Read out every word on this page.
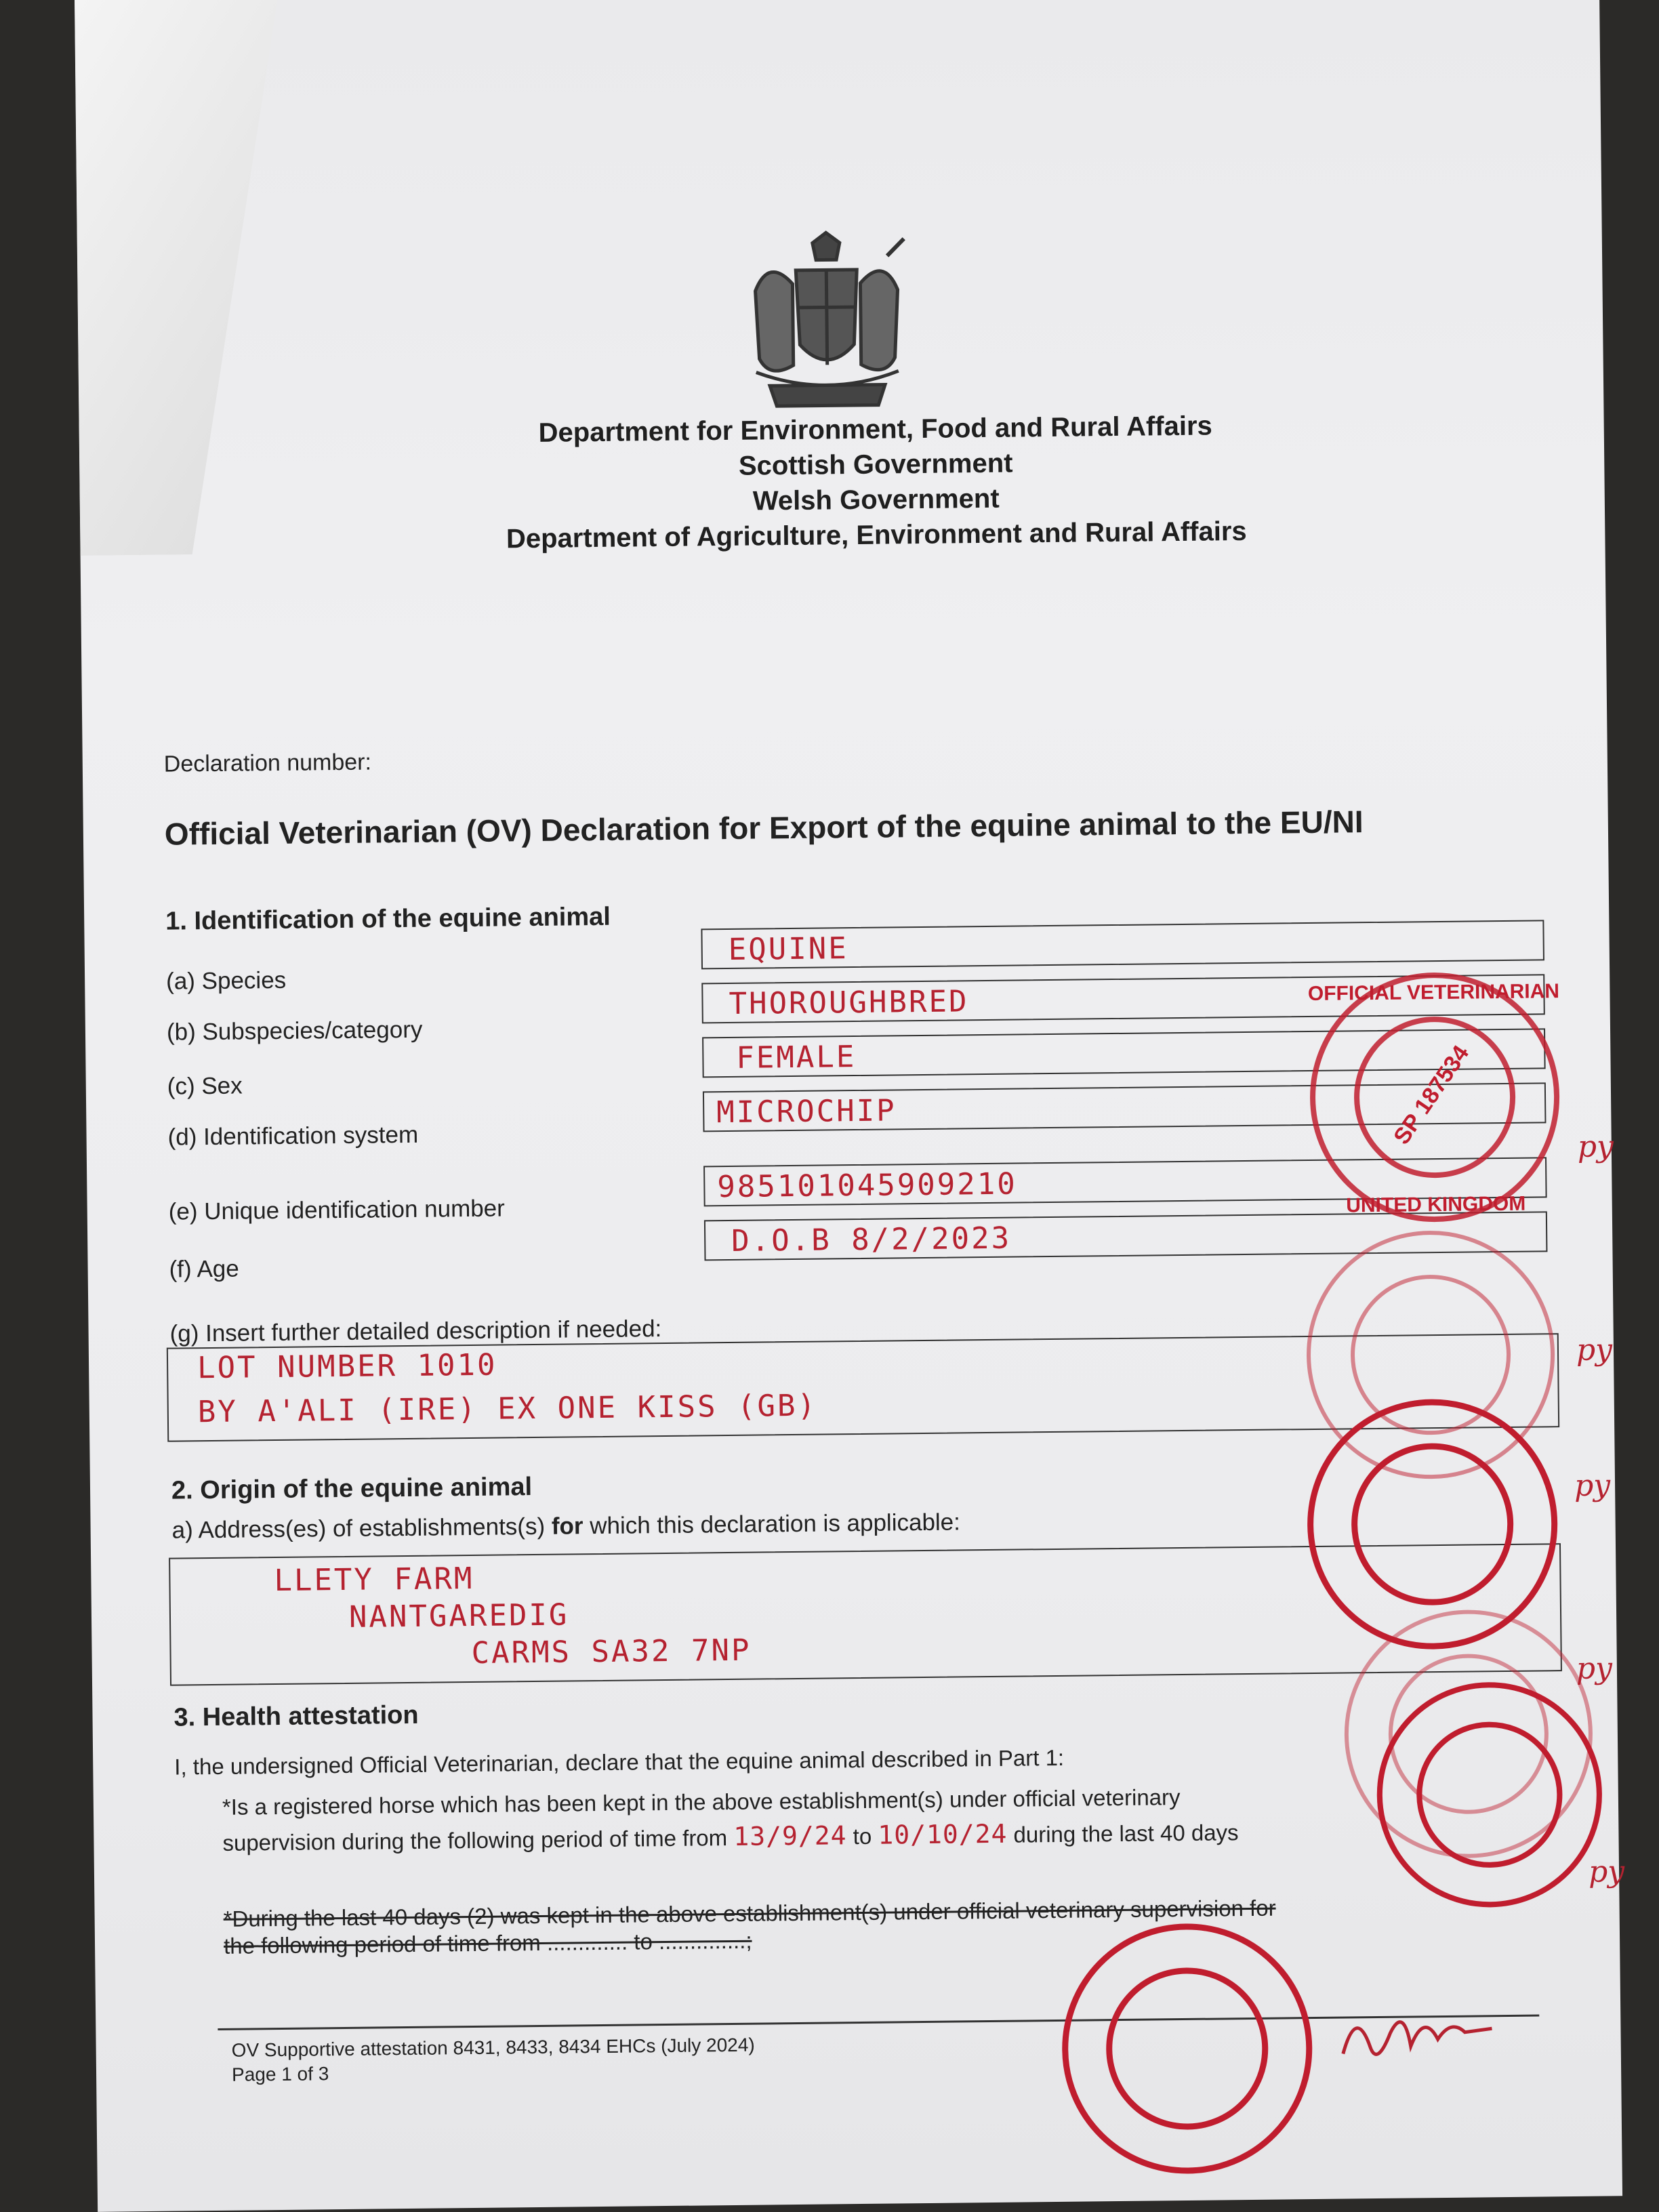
Department for Environment, Food and Rural Affairs
Scottish Government
Welsh Government
Department of Agriculture, Environment and Rural Affairs
Declaration number:
Official Veterinarian (OV) Declaration for Export of the equine animal to the EU/NI
1. Identification of the equine animal
(a) Species
EQUINE
(b) Subspecies/category
THOROUGHBRED
(c) Sex
FEMALE
(d) Identification system
MICROCHIP
(e) Unique identification number
985101045909210
(f) Age
D.O.B 8/2/2023
(g) Insert further detailed description if needed:
LOT NUMBER 1010
BY A'ALI (IRE) EX ONE KISS (GB)
2. Origin of the equine animal
a) Address(es) of establishments(s) for which this declaration is applicable:
LLETY FARM
NANTGAREDIG
CARMS SA32 7NP
3. Health attestation
I, the undersigned Official Veterinarian, declare that the equine animal described in Part 1:
*Is a registered horse which has been kept in the above establishment(s) under official veterinary
supervision during the following period of time from 13/9/24 to 10/10/24 during the last 40 days
*During the last 40 days (2) was kept in the above establishment(s) under official veterinary supervision for
the following period of time from ............. to ..............;
OV Supportive attestation 8431, 8433, 8434 EHCs (July 2024)
Page 1 of 3
SP 187534
OFFICIAL VETERINARIAN
UNITED KINGDOM
py
py
py
py
py
